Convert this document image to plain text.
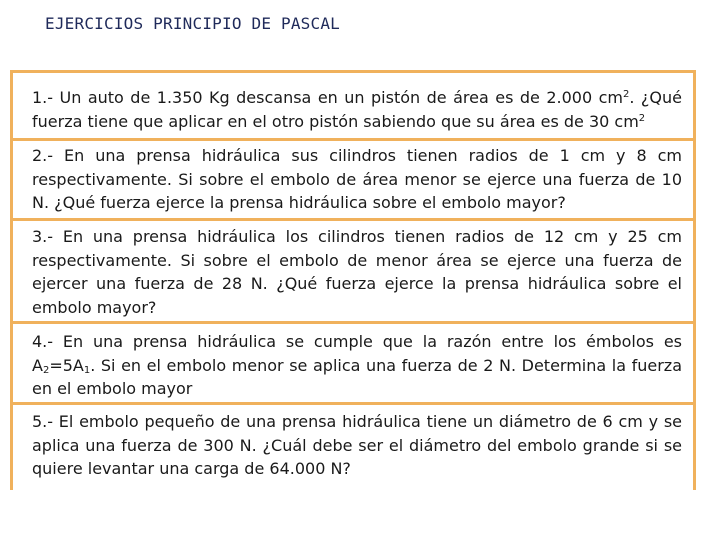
EJERCICIOS PRINCIPIO DE PASCAL
1.- Un auto de 1.350 Kg descansa en un pistón de área es de 2.000 $cm^2$. ¿Qué fuerza tiene que aplicar en el otro pistón sabiendo que su área es de 30 $cm^2$
2.- En una prensa hidráulica sus cilindros tienen radios de 1 cm y 8 cm respectivamente. Si sobre el embolo de área menor se ejerce una fuerza de 10 N. ¿Qué fuerza ejerce la prensa hidráulica sobre el embolo mayor?
3.- En una prensa hidráulica los cilindros tienen radios de 12 cm y 25 cm respectivamente. Si sobre el embolo de menor área se ejerce una fuerza de ejercer una fuerza de 28 N. ¿Qué fuerza ejerce la prensa hidráulica sobre el embolo mayor?
4.- En una prensa hidráulica se cumple que la razón entre los émbolos es $A_2=5A_1$. Si en el embolo menor se aplica una fuerza de 2 N. Determina la fuerza en el embolo mayor
5.- El embolo pequeño de una prensa hidráulica tiene un diámetro de 6 cm y se aplica una fuerza de 300 N. ¿Cuál debe ser el diámetro del embolo grande si se quiere levantar una carga de 64.000 N?
